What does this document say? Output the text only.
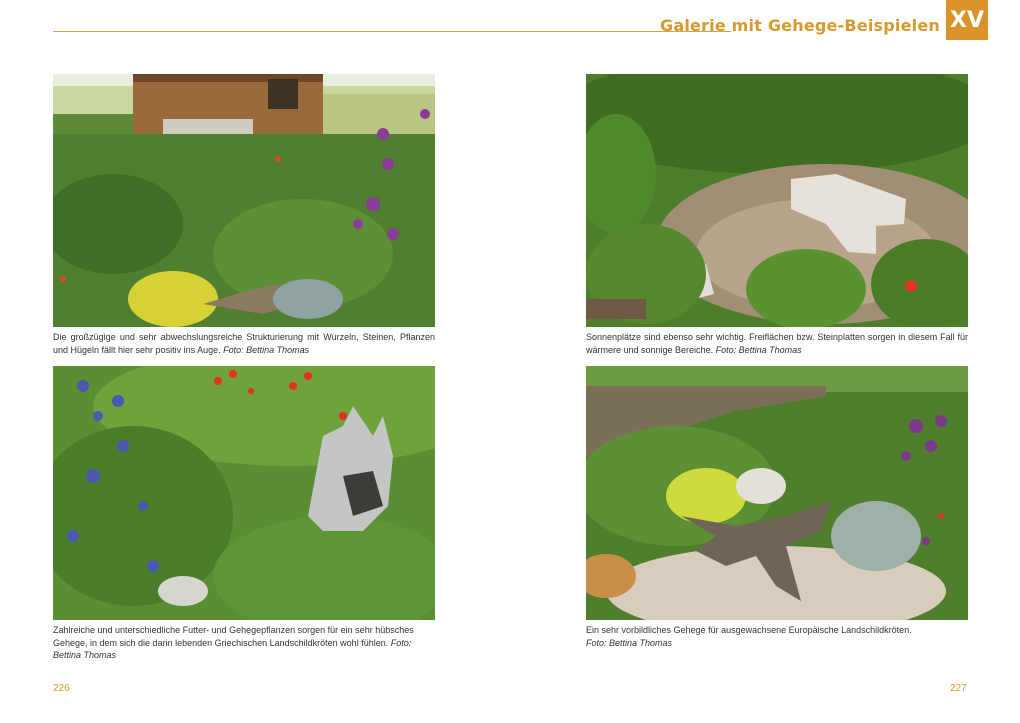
Galerie mit Gehege-Beispielen XV
Die großzügige und sehr abwechslungsreiche Strukturierung mit Wurzeln, Steinen, Pflanzen und Hügeln fällt hier sehr positiv ins Auge. Foto: Bettina Thomas
Sonnenplätze sind ebenso sehr wichtig. Freiflächen bzw. Steinplatten sorgen in diesem Fall für wärmere und sonnige Bereiche. Foto: Bettina Thomas
Zahlreiche und unterschiedliche Futter- und Gehegepflanzen sorgen für ein sehr hübsches Gehege, in dem sich die darin lebenden Griechischen Landschildkröten wohl fühlen. Foto: Bettina Thomas
Ein sehr vorbildliches Gehege für ausgewachsene Europäische Landschildkröten.
Foto: Bettina Thomas
226	227
